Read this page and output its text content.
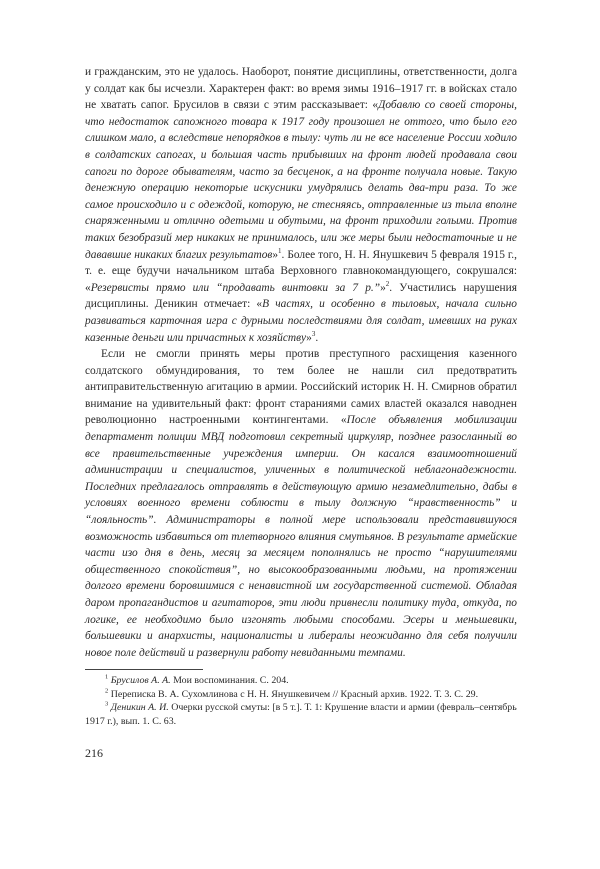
и гражданским, это не удалось. Наоборот, понятие дисциплины, ответственности, долга у солдат как бы исчезли. Характерен факт: во время зимы 1916–1917 гг. в войсках стало не хватать сапог. Брусилов в связи с этим рассказывает: «Добавлю со своей стороны, что недостаток сапожного товара к 1917 году произошел не оттого, что было его слишком мало, а вследствие непорядков в тылу: чуть ли не все население России ходило в солдатских сапогах, и большая часть прибывших на фронт людей продавала свои сапоги по дороге обывателям, часто за бесценок, а на фронте получала новые. Такую денежную операцию некоторые искусники умудрялись делать два-три раза. То же самое происходило и с одеждой, которую, не стесняясь, отправленные из тыла вполне снаряженными и отлично одетыми и обутыми, на фронт приходили голыми. Против таких безобразий мер никаких не принималось, или же меры были недостаточные и не дававшие никаких благих результатов»$^1$. Более того, Н. Н. Янушкевич 5 февраля 1915 г., т. е. еще будучи начальником штаба Верховного главнокомандующего, сокрушался: «Резервисты прямо или “продавать винтовки за 7 р.”»$^2$. Участились нарушения дисциплины. Деникин отмечает: «В частях, и особенно в тыловых, начала сильно развиваться карточная игра с дурными последствиями для солдат, имевших на руках казенные деньги или причастных к хозяйству»$^3$.

Если не смогли принять меры против преступного расхищения казенного солдатского обмундирования, то тем более не нашли сил предотвратить антиправительственную агитацию в армии. Российский историк Н. Н. Смирнов обратил внимание на удивительный факт: фронт стараниями самих властей оказался наводнен революционно настроенными контингентами. «После объявления мобилизации департамент полиции МВД подготовил секретный циркуляр, позднее разосланный во все правительственные учреждения империи. Он касался взаимоотношений администрации и специалистов, уличенных в политической неблагонадежности. Последних предлагалось отправлять в действующую армию незамедлительно, дабы в условиях военного времени соблюсти в тылу должную “нравственность” и “лояльность”. Администраторы в полной мере использовали представившуюся возможность избавиться от тлетворного влияния смутьянов. В результате армейские части изо дня в день, месяц за месяцем пополнялись не просто “нарушителями общественного спокойствия”, но высокообразованными людьми, на протяжении долгого времени боровшимися с ненавистной им государственной системой. Обладая даром пропагандистов и агитаторов, эти люди привнесли политику туда, откуда, по логике, ее необходимо было изгонять любыми способами. Эсеры и меньшевики, большевики и анархисты, националисты и либералы неожиданно для себя получили новое поле действий и развернули работу невиданными темпами.

$^1$ Брусилов А. А. Мои воспоминания. С. 204.

$^2$ Переписка В. А. Сухомлинова с Н. Н. Янушкевичем // Красный архив. 1922. Т. 3. С. 29.

$^3$ Деникин А. И. Очерки русской смуты: [в 5 т.]. Т. 1: Крушение власти и армии (февраль–сентябрь 1917 г.), вып. 1. С. 63.

216
